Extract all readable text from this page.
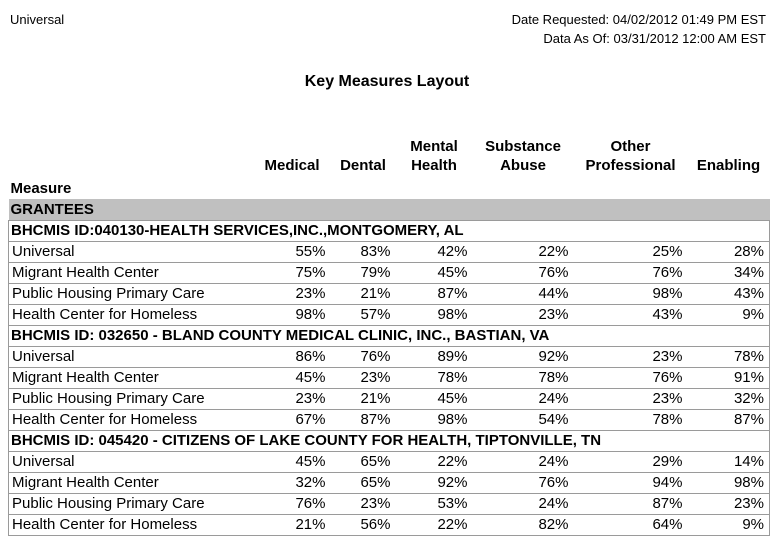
Universal	Date Requested: 04/02/2012 01:49 PM EST
Data As Of: 03/31/2012 12:00 AM EST
Key Measures Layout
	Medical	Dental	Mental Health	Substance Abuse	Other Professional	Enabling
Measure						
GRANTEES						
BHCMIS ID:040130-HEALTH SERVICES,INC.,MONTGOMERY, AL						
Universal	55%	83%	42%	22%	25%	28%
Migrant Health Center	75%	79%	45%	76%	76%	34%
Public Housing Primary Care	23%	21%	87%	44%	98%	43%
Health Center for Homeless	98%	57%	98%	23%	43%	9%
BHCMIS ID: 032650 - BLAND COUNTY MEDICAL CLINIC, INC., BASTIAN, VA						
Universal	86%	76%	89%	92%	23%	78%
Migrant Health Center	45%	23%	78%	78%	76%	91%
Public Housing Primary Care	23%	21%	45%	24%	23%	32%
Health Center for Homeless	67%	87%	98%	54%	78%	87%
BHCMIS ID: 045420 - CITIZENS OF LAKE COUNTY FOR HEALTH, TIPTONVILLE, TN						
Universal	45%	65%	22%	24%	29%	14%
Migrant Health Center	32%	65%	92%	76%	94%	98%
Public Housing Primary Care	76%	23%	53%	24%	87%	23%
Health Center for Homeless	21%	56%	22%	82%	64%	9%
